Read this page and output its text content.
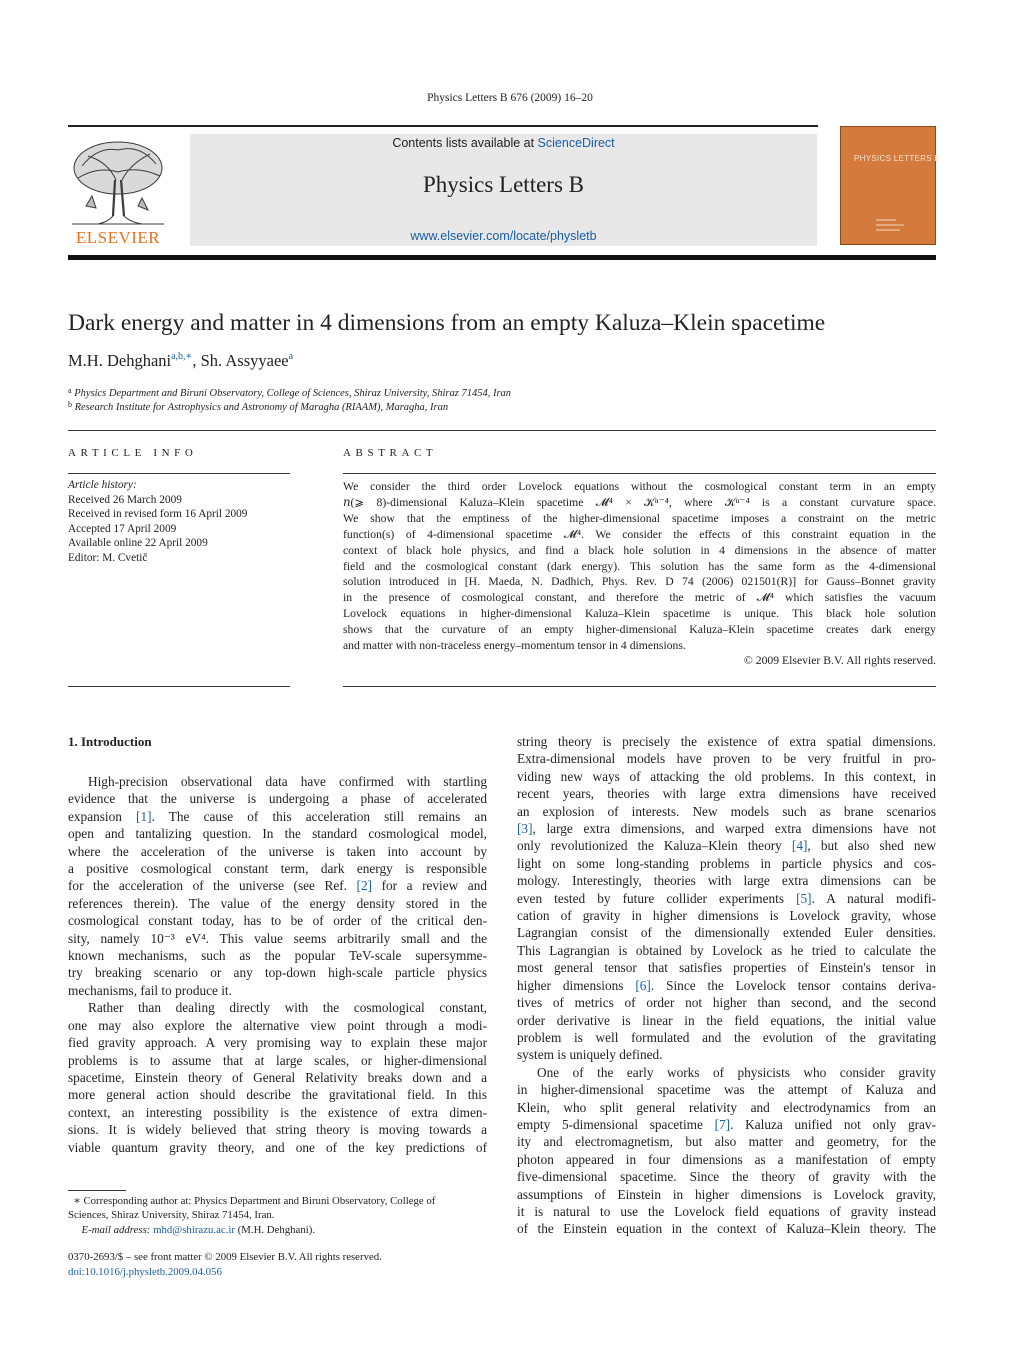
Physics Letters B 676 (2009) 16–20
ELSEVIER
Contents lists available at ScienceDirect
Physics Letters B
www.elsevier.com/locate/physletb
PHYSICS LETTERS B
Dark energy and matter in 4 dimensions from an empty Kaluza–Klein spacetime
M.H. Dehghani$^{a,b,∗}$, Sh. Assyyaee$^a$
$^a$ Physics Department and Biruni Observatory, College of Sciences, Shiraz University, Shiraz 71454, Iran
$^b$ Research Institute for Astrophysics and Astronomy of Maragha (RIAAM), Maragha, Iran
ARTICLE INFO	ABSTRACT
Article history:
Received 26 March 2009
Received in revised form 16 April 2009
Accepted 17 April 2009
Available online 22 April 2009
Editor: M. Cvetič
We consider the third order Lovelock equations without the cosmological constant term in an empty
𝑛(⩾ 8)-dimensional Kaluza–Klein spacetime 𝓜⁴ × 𝒦ⁿ⁻⁴, where 𝒦ⁿ⁻⁴ is a constant curvature space.
We show that the emptiness of the higher-dimensional spacetime imposes a constraint on the metric
function(s) of 4-dimensional spacetime 𝓜⁴. We consider the effects of this constraint equation in the
context of black hole physics, and find a black hole solution in 4 dimensions in the absence of matter
field and the cosmological constant (dark energy). This solution has the same form as the 4-dimensional
solution introduced in [H. Maeda, N. Dadhich, Phys. Rev. D 74 (2006) 021501(R)] for Gauss–Bonnet gravity
in the presence of cosmological constant, and therefore the metric of 𝓜⁴ which satisfies the vacuum
Lovelock equations in higher-dimensional Kaluza–Klein spacetime is unique. This black hole solution
shows that the curvature of an empty higher-dimensional Kaluza–Klein spacetime creates dark energy
and matter with non-traceless energy–momentum tensor in 4 dimensions.
© 2009 Elsevier B.V. All rights reserved.
1. Introduction
High-precision observational data have confirmed with startling
evidence that the universe is undergoing a phase of accelerated
expansion [1]. The cause of this acceleration still remains an
open and tantalizing question. In the standard cosmological model,
where the acceleration of the universe is taken into account by
a positive cosmological constant term, dark energy is responsible
for the acceleration of the universe (see Ref. [2] for a review and
references therein). The value of the energy density stored in the
cosmological constant today, has to be of order of the critical den-
sity, namely 10⁻³ eV⁴. This value seems arbitrarily small and the
known mechanisms, such as the popular TeV-scale supersymme-
try breaking scenario or any top-down high-scale particle physics
mechanisms, fail to produce it.
Rather than dealing directly with the cosmological constant,
one may also explore the alternative view point through a modi-
fied gravity approach. A very promising way to explain these major
problems is to assume that at large scales, or higher-dimensional
spacetime, Einstein theory of General Relativity breaks down and a
more general action should describe the gravitational field. In this
context, an interesting possibility is the existence of extra dimen-
sions. It is widely believed that string theory is moving towards a
viable quantum gravity theory, and one of the key predictions of
string theory is precisely the existence of extra spatial dimensions.
Extra-dimensional models have proven to be very fruitful in pro-
viding new ways of attacking the old problems. In this context, in
recent years, theories with large extra dimensions have received
an explosion of interests. New models such as brane scenarios
[3], large extra dimensions, and warped extra dimensions have not
only revolutionized the Kaluza–Klein theory [4], but also shed new
light on some long-standing problems in particle physics and cos-
mology. Interestingly, theories with large extra dimensions can be
even tested by future collider experiments [5]. A natural modifi-
cation of gravity in higher dimensions is Lovelock gravity, whose
Lagrangian consist of the dimensionally extended Euler densities.
This Lagrangian is obtained by Lovelock as he tried to calculate the
most general tensor that satisfies properties of Einstein's tensor in
higher dimensions [6]. Since the Lovelock tensor contains deriva-
tives of metrics of order not higher than second, and the second
order derivative is linear in the field equations, the initial value
problem is well formulated and the evolution of the gravitating
system is uniquely defined.
One of the early works of physicists who consider gravity
in higher-dimensional spacetime was the attempt of Kaluza and
Klein, who split general relativity and electrodynamics from an
empty 5-dimensional spacetime [7]. Kaluza unified not only grav-
ity and electromagnetism, but also matter and geometry, for the
photon appeared in four dimensions as a manifestation of empty
five-dimensional spacetime. Since the theory of gravity with the
assumptions of Einstein in higher dimensions is Lovelock gravity,
it is natural to use the Lovelock field equations of gravity instead
of the Einstein equation in the context of Kaluza–Klein theory. The
∗ Corresponding author at: Physics Department and Biruni Observatory, College of
Sciences, Shiraz University, Shiraz 71454, Iran.
E-mail address: mhd@shirazu.ac.ir (M.H. Dehghani).
0370-2693/$ – see front matter © 2009 Elsevier B.V. All rights reserved.
doi:10.1016/j.physletb.2009.04.056
